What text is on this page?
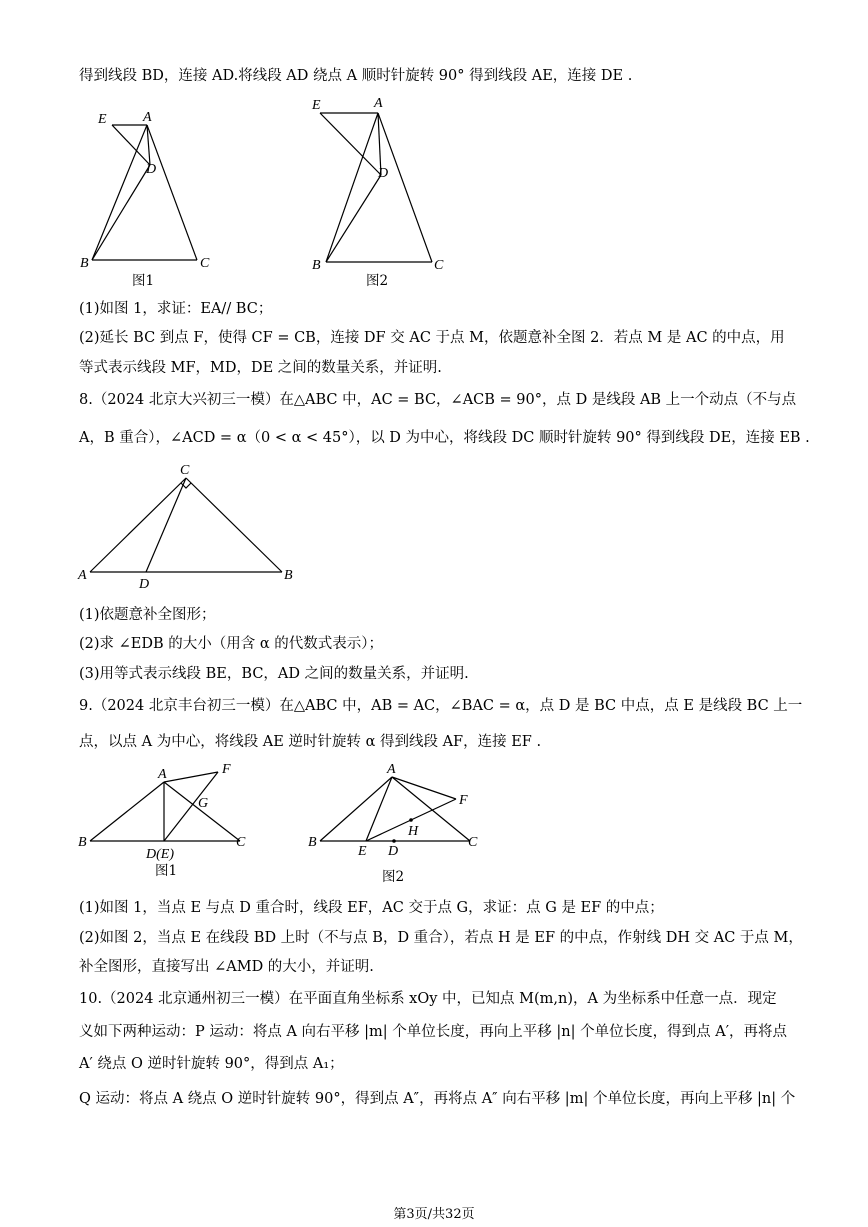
得到线段 BD，连接 AD.将线段 AD 绕点 A 顺时针旋转 90° 得到线段 AE，连接 DE .
E	A
D
B	C
图1
E	A
D
B	C
图2
(1)如图 1，求证：EA// BC；
(2)延长 BC 到点 F，使得 CF = CB，连接 DF 交 AC 于点 M，依题意补全图 2．若点 M 是 AC 的中点，用
等式表示线段 MF，MD，DE 之间的数量关系，并证明.
8.（2024 北京大兴初三一模）在△ABC 中，AC = BC，∠ACB = 90°，点 D 是线段 AB 上一个动点（不与点
A，B 重合），∠ACD = α（0 < α < 45°），以 D 为中心，将线段 DC 顺时针旋转 90° 得到线段 DE，连接 EB .
C
A
D
B
(1)依题意补全图形；
(2)求 ∠EDB 的大小（用含 α 的代数式表示）；
(3)用等式表示线段 BE，BC，AD 之间的数量关系，并证明.
9.（2024 北京丰台初三一模）在△ABC 中，AB = AC，∠BAC = α，点 D 是 BC 中点，点 E 是线段 BC 上一
点，以点 A 为中心，将线段 AE 逆时针旋转 α 得到线段 AF，连接 EF .
A	F
G
B
D(E)
C
图1
A
F
H
B
E D
C
图2
(1)如图 1，当点 E 与点 D 重合时，线段 EF，AC 交于点 G，求证：点 G 是 EF 的中点；
(2)如图 2，当点 E 在线段 BD 上时（不与点 B，D 重合），若点 H 是 EF 的中点，作射线 DH 交 AC 于点 M，
补全图形，直接写出 ∠AMD 的大小，并证明.
10.（2024 北京通州初三一模）在平面直角坐标系 xOy 中，已知点 M(m,n)，A 为坐标系中任意一点．现定
义如下两种运动：P 运动：将点 A 向右平移 |m| 个单位长度，再向上平移 |n| 个单位长度，得到点 A′，再将点
A′ 绕点 O 逆时针旋转 90°，得到点 A₁；
Q 运动：将点 A 绕点 O 逆时针旋转 90°，得到点 A″，再将点 A″ 向右平移 |m| 个单位长度，再向上平移 |n| 个
第3页/共32页
